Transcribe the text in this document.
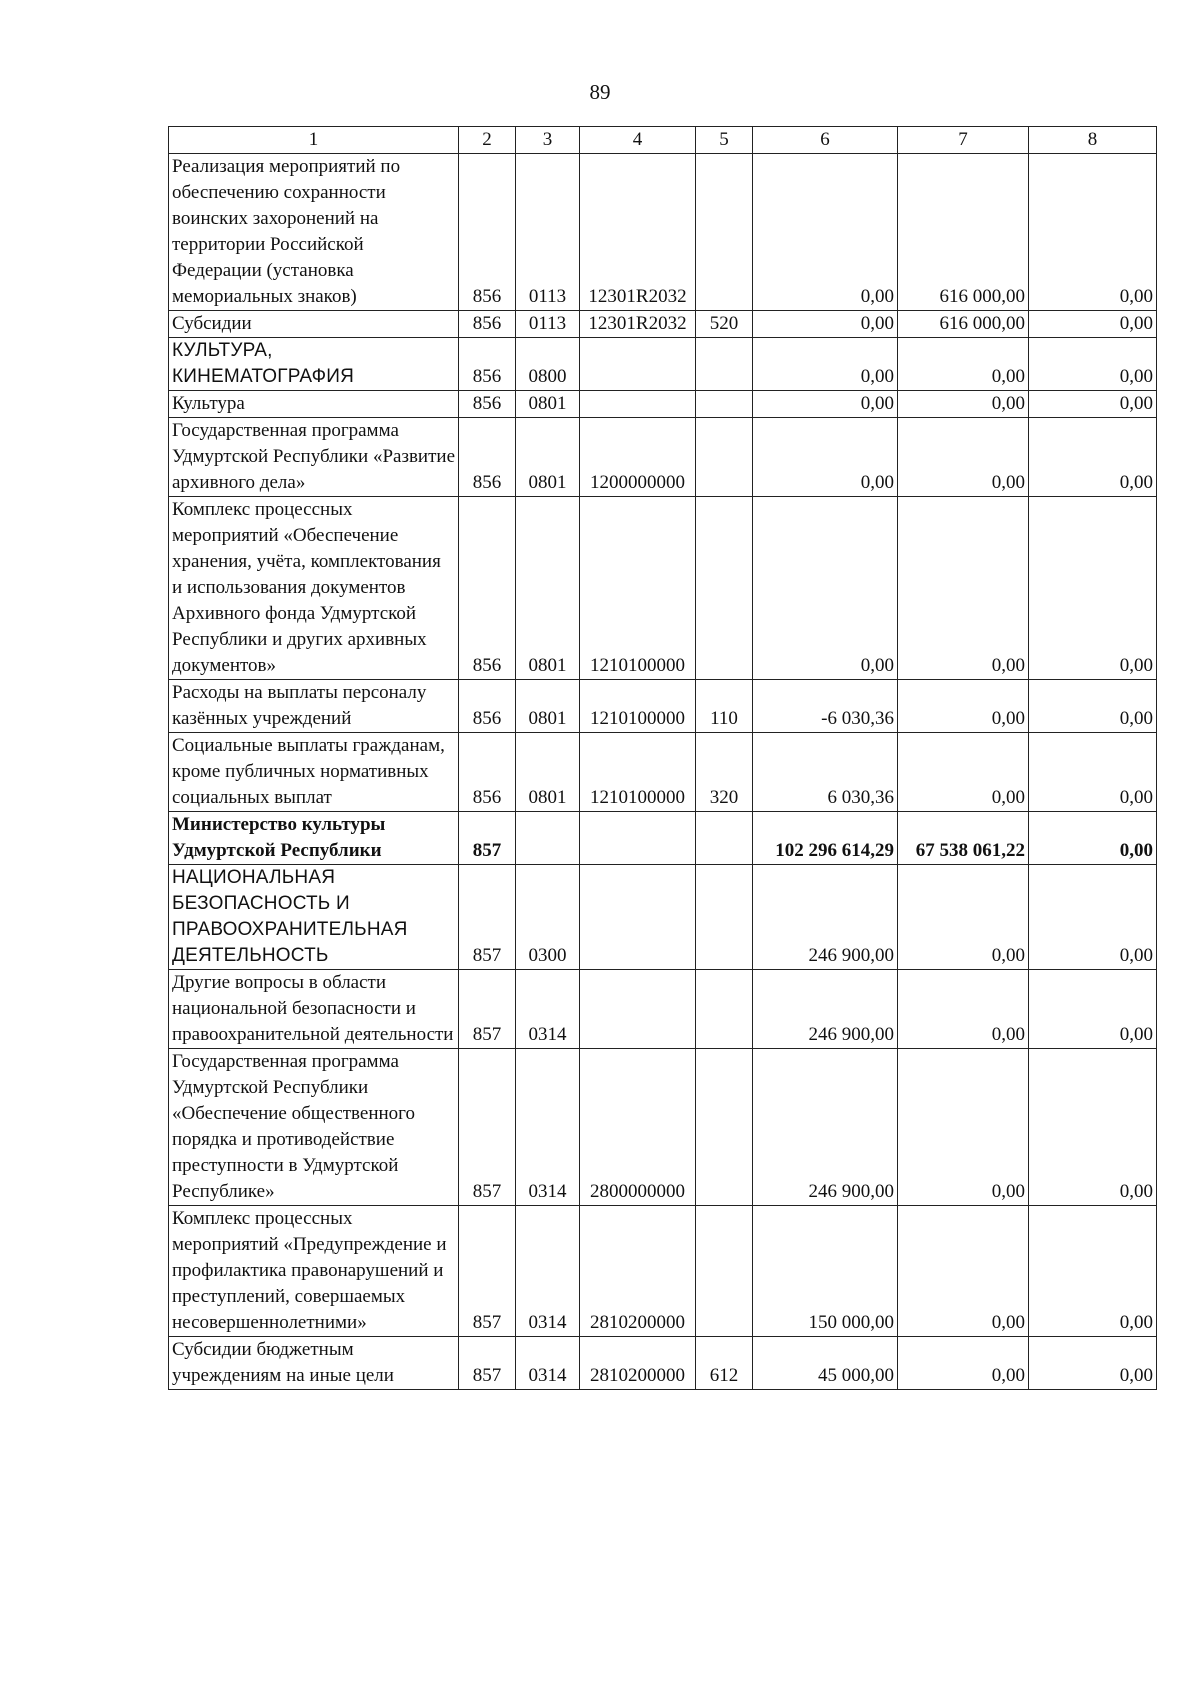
89
1	2	3	4	5	6	7	8
Реализация мероприятий по обеспечению сохранности воинских захоронений на территории Российской Федерации (установка мемориальных знаков)	856	0113	12301R2032		0,00	616 000,00	0,00
Субсидии	856	0113	12301R2032	520	0,00	616 000,00	0,00
КУЛЬТУРА, КИНЕМАТОГРАФИЯ	856	0800			0,00	0,00	0,00
Культура	856	0801			0,00	0,00	0,00
Государственная программа Удмуртской Республики «Развитие архивного дела»	856	0801	1200000000		0,00	0,00	0,00
Комплекс процессных мероприятий «Обеспечение хранения, учёта, комплектования и использования документов Архивного фонда Удмуртской Республики и других архивных документов»	856	0801	1210100000		0,00	0,00	0,00
Расходы на выплаты персоналу казённых учреждений	856	0801	1210100000	110	-6 030,36	0,00	0,00
Социальные выплаты гражданам, кроме публичных нормативных социальных выплат	856	0801	1210100000	320	6 030,36	0,00	0,00
Министерство культуры Удмуртской Республики	857				102 296 614,29	67 538 061,22	0,00
НАЦИОНАЛЬНАЯ БЕЗОПАСНОСТЬ И ПРАВООХРАНИТЕЛЬНАЯ ДЕЯТЕЛЬНОСТЬ	857	0300			246 900,00	0,00	0,00
Другие вопросы в области национальной безопасности и правоохранительной деятельности	857	0314			246 900,00	0,00	0,00
Государственная программа Удмуртской Республики «Обеспечение общественного порядка и противодействие преступности в Удмуртской Республике»	857	0314	2800000000		246 900,00	0,00	0,00
Комплекс процессных мероприятий «Предупреждение и профилактика правонарушений и преступлений, совершаемых несовершеннолетними»	857	0314	2810200000		150 000,00	0,00	0,00
Субсидии бюджетным учреждениям на иные цели	857	0314	2810200000	612	45 000,00	0,00	0,00
